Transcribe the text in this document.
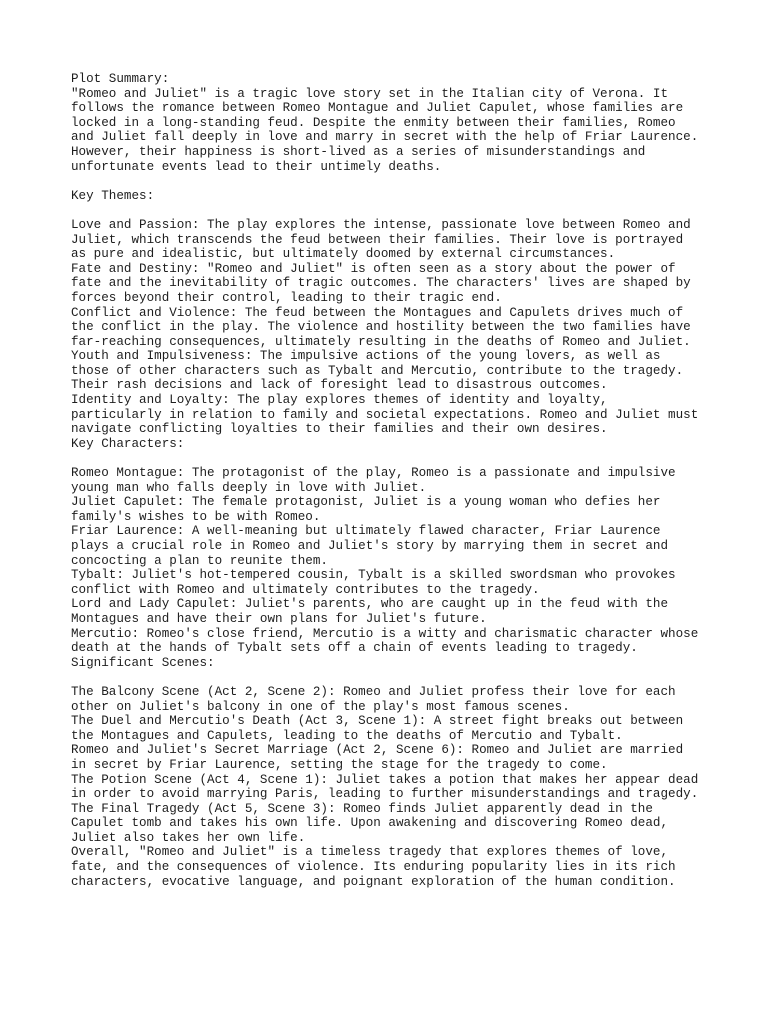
Plot Summary:
"Romeo and Juliet" is a tragic love story set in the Italian city of Verona. It
follows the romance between Romeo Montague and Juliet Capulet, whose families are
locked in a long-standing feud. Despite the enmity between their families, Romeo
and Juliet fall deeply in love and marry in secret with the help of Friar Laurence.
However, their happiness is short-lived as a series of misunderstandings and
unfortunate events lead to their untimely deaths.
Key Themes:
Love and Passion: The play explores the intense, passionate love between Romeo and
Juliet, which transcends the feud between their families. Their love is portrayed
as pure and idealistic, but ultimately doomed by external circumstances.
Fate and Destiny: "Romeo and Juliet" is often seen as a story about the power of
fate and the inevitability of tragic outcomes. The characters' lives are shaped by
forces beyond their control, leading to their tragic end.
Conflict and Violence: The feud between the Montagues and Capulets drives much of
the conflict in the play. The violence and hostility between the two families have
far-reaching consequences, ultimately resulting in the deaths of Romeo and Juliet.
Youth and Impulsiveness: The impulsive actions of the young lovers, as well as
those of other characters such as Tybalt and Mercutio, contribute to the tragedy.
Their rash decisions and lack of foresight lead to disastrous outcomes.
Identity and Loyalty: The play explores themes of identity and loyalty,
particularly in relation to family and societal expectations. Romeo and Juliet must
navigate conflicting loyalties to their families and their own desires.
Key Characters:
Romeo Montague: The protagonist of the play, Romeo is a passionate and impulsive
young man who falls deeply in love with Juliet.
Juliet Capulet: The female protagonist, Juliet is a young woman who defies her
family's wishes to be with Romeo.
Friar Laurence: A well-meaning but ultimately flawed character, Friar Laurence
plays a crucial role in Romeo and Juliet's story by marrying them in secret and
concocting a plan to reunite them.
Tybalt: Juliet's hot-tempered cousin, Tybalt is a skilled swordsman who provokes
conflict with Romeo and ultimately contributes to the tragedy.
Lord and Lady Capulet: Juliet's parents, who are caught up in the feud with the
Montagues and have their own plans for Juliet's future.
Mercutio: Romeo's close friend, Mercutio is a witty and charismatic character whose
death at the hands of Tybalt sets off a chain of events leading to tragedy.
Significant Scenes:
The Balcony Scene (Act 2, Scene 2): Romeo and Juliet profess their love for each
other on Juliet's balcony in one of the play's most famous scenes.
The Duel and Mercutio's Death (Act 3, Scene 1): A street fight breaks out between
the Montagues and Capulets, leading to the deaths of Mercutio and Tybalt.
Romeo and Juliet's Secret Marriage (Act 2, Scene 6): Romeo and Juliet are married
in secret by Friar Laurence, setting the stage for the tragedy to come.
The Potion Scene (Act 4, Scene 1): Juliet takes a potion that makes her appear dead
in order to avoid marrying Paris, leading to further misunderstandings and tragedy.
The Final Tragedy (Act 5, Scene 3): Romeo finds Juliet apparently dead in the
Capulet tomb and takes his own life. Upon awakening and discovering Romeo dead,
Juliet also takes her own life.
Overall, "Romeo and Juliet" is a timeless tragedy that explores themes of love,
fate, and the consequences of violence. Its enduring popularity lies in its rich
characters, evocative language, and poignant exploration of the human condition.
